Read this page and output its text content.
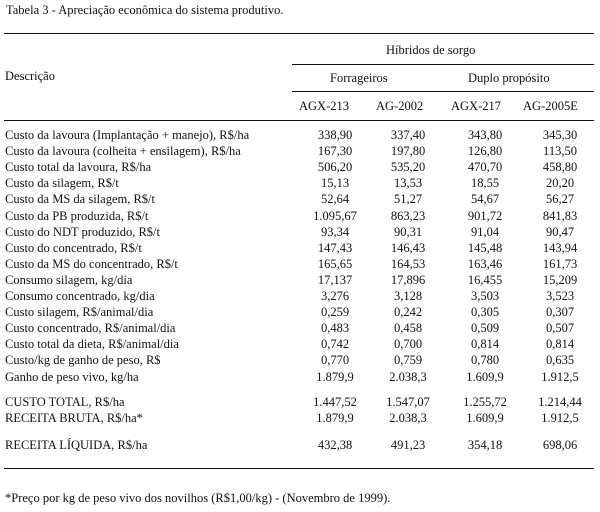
Tabela 3 - Apreciação econômica do sistema produtivo.
Descrição
Híbridos de sorgo
Forrageiros	Duplo propósito
AGX-213 AG-2002 AGX-217 AG-2005E
Custo da lavoura (Implantação + manejo), R$/ha	338,90	337,40	343,80	345,30
Custo da lavoura (colheita + ensilagem), R$/ha	167,30	197,80	126,80	113,50
Custo total da lavoura, R$/ha	506,20	535,20	470,70	458,80
Custo da silagem, R$/t	15,13	13,53	18,55	20,20
Custo da MS da silagem, R$/t	52,64	51,27	54,67	56,27
Custo da PB produzida, R$/t	1.095,67	863,23	901,72	841,83
Custo do NDT produzido, R$/t	93,34	90,31	91,04	90,47
Custo do concentrado, R$/t	147,43	146,43	145,48	143,94
Custo da MS do concentrado, R$/t	165,65	164,53	163,46	161,73
Consumo silagem, kg/dia	17,137	17,896	16,455	15,209
Consumo concentrado, kg/dia	3,276	3,128	3,503	3,523
Custo silagem, R$/animal/dia	0,259	0,242	0,305	0,307
Custo concentrado, R$/animal/dia	0,483	0,458	0,509	0,507
Custo total da dieta, R$/animal/dia	0,742	0,700	0,814	0,814
Custo/kg de ganho de peso, R$	0,770	0,759	0,780	0,635
Ganho de peso vivo, kg/ha	1.879,9	2.038,3	1.609,9	1.912,5
CUSTO TOTAL, R$/ha	1.447,52	1.547,07	1.255,72	1.214,44
RECEITA BRUTA, R$/ha*	1.879,9	2.038,3	1.609,9	1.912,5
RECEITA LÍQUIDA, R$/ha	432,38	491,23	354,18	698,06
*Preço por kg de peso vivo dos novilhos (R$1,00/kg) - (Novembro de 1999).
